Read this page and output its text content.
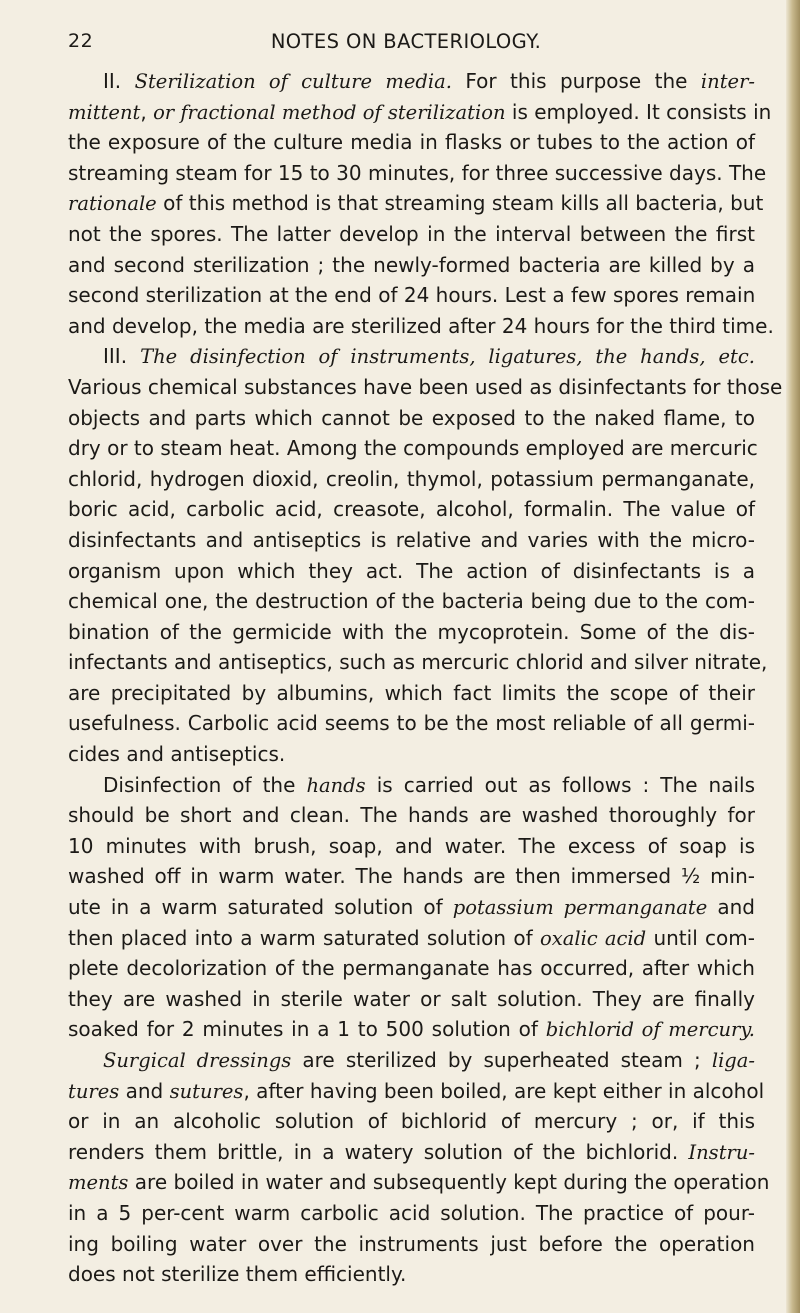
22	NOTES ON BACTERIOLOGY.
II. Sterilization of culture media. For this purpose the inter-
mittent, or fractional method of sterilization is employed. It consists in
the exposure of the culture media in flasks or tubes to the action of
streaming steam for 15 to 30 minutes, for three successive days. The
rationale of this method is that streaming steam kills all bacteria, but
not the spores. The latter develop in the interval between the first
and second sterilization ; the newly-formed bacteria are killed by a
second sterilization at the end of 24 hours. Lest a few spores remain
and develop, the media are sterilized after 24 hours for the third time.
III. The disinfection of instruments, ligatures, the hands, etc.
Various chemical substances have been used as disinfectants for those
objects and parts which cannot be exposed to the naked flame, to
dry or to steam heat. Among the compounds employed are mercuric
chlorid, hydrogen dioxid, creolin, thymol, potassium permanganate,
boric acid, carbolic acid, creasote, alcohol, formalin. The value of
disinfectants and antiseptics is relative and varies with the micro-
organism upon which they act. The action of disinfectants is a
chemical one, the destruction of the bacteria being due to the com-
bination of the germicide with the mycoprotein. Some of the dis-
infectants and antiseptics, such as mercuric chlorid and silver nitrate,
are precipitated by albumins, which fact limits the scope of their
usefulness. Carbolic acid seems to be the most reliable of all germi-
cides and antiseptics.
Disinfection of the hands is carried out as follows : The nails
should be short and clean. The hands are washed thoroughly for
10 minutes with brush, soap, and water. The excess of soap is
washed off in warm water. The hands are then immersed ½ min-
ute in a warm saturated solution of potassium permanganate and
then placed into a warm saturated solution of oxalic acid until com-
plete decolorization of the permanganate has occurred, after which
they are washed in sterile water or salt solution. They are finally
soaked for 2 minutes in a 1 to 500 solution of bichlorid of mercury.
Surgical dressings are sterilized by superheated steam ; liga-
tures and sutures, after having been boiled, are kept either in alcohol
or in an alcoholic solution of bichlorid of mercury ; or, if this
renders them brittle, in a watery solution of the bichlorid. Instru-
ments are boiled in water and subsequently kept during the operation
in a 5 per-cent warm carbolic acid solution. The practice of pour-
ing boiling water over the instruments just before the operation
does not sterilize them efficiently.
